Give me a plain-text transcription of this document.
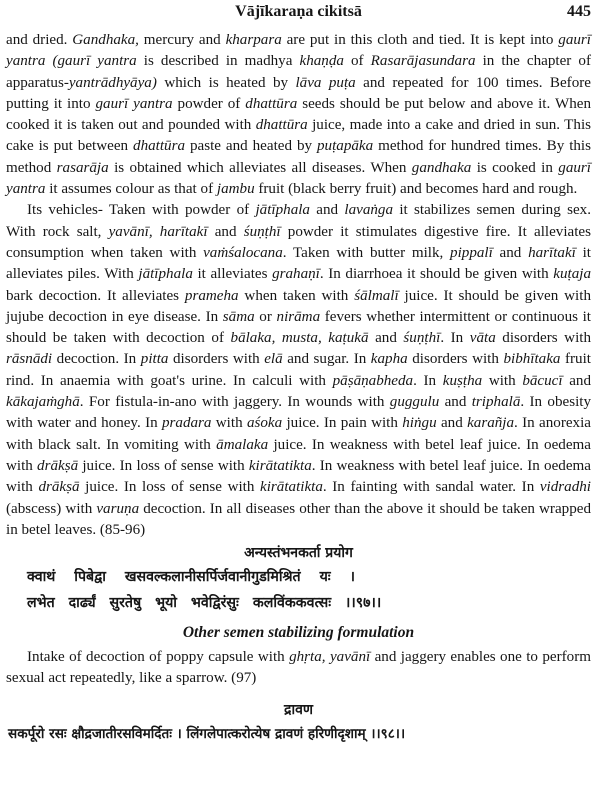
Vājīkaraṇa cikitsā	445

and dried. Gandhaka, mercury and kharpara are put in this cloth and tied. It is kept into gaurī yantra (gaurī yantra is described in madhya khaṇḍa of Rasarājasundara in the chapter of apparatus-yantrādhyāya) which is heated by lāva puṭa and repeated for 100 times. Before putting it into gaurī yantra powder of dhattūra seeds should be put below and above it. When cooked it is taken out and pounded with dhattūra juice, made into a cake and dried in sun. This cake is put between dhattūra paste and heated by puṭapāka method for hundred times. By this method rasarāja is obtained which alleviates all diseases. When gandhaka is cooked in gaurī yantra it assumes colour as that of jambu fruit (black berry fruit) and becomes hard and rough.

Its vehicles- Taken with powder of jātīphala and lavaṅga it stabilizes semen during sex. With rock salt, yavānī, harītakī and śuṇṭhī powder it stimulates digestive fire. It alleviates consumption when taken with vaṁśalocana. Taken with butter milk, pippalī and harītakī it alleviates piles. With jātīphala it alleviates grahaṇī. In diarrhoea it should be given with kuṭaja bark decoction. It alleviates prameha when taken with śālmalī juice. It should be given with jujube decoction in eye disease. In sāma or nirāma fevers whether intermittent or continuous it should be taken with decoction of bālaka, musta, kaṭukā and śuṇṭhī. In vāta disorders with rāsnādi decoction. In pitta disorders with elā and sugar. In kapha disorders with bibhītaka fruit rind. In anaemia with goat's urine. In calculi with pāṣāṇabheda. In kuṣṭha with bācucī and kākajaṁghā. For fistula-in-ano with jaggery. In wounds with guggulu and triphalā. In obesity with water and honey. In pradara with aśoka juice. In pain with hiṅgu and karañja. In anorexia with black salt. In vomiting with āmalaka juice. In weakness with betel leaf juice. In oedema with drākṣā juice. In loss of sense with kirātatikta. In weakness with betel leaf juice. In oedema with drākṣā juice. In loss of sense with kirātatikta. In fainting with sandal water. In vidradhi (abscess) with varuṇa decoction. In all diseases other than the above it should be taken wrapped in betel leaves. (85-96)

अन्यस्तंभनकर्ता प्रयोग
क्वाथं पिबेद्वा खसवल्कलानीसर्पिर्जवानीगुडमिश्रितं यः ।
लभेत दार्ढ्यं सुरतेषु भूयो भवेद्विरंसुः कलविंककवत्सः ।।९७।।
Other semen stabilizing formulation

Intake of decoction of poppy capsule with ghṛta, yavānī and jaggery enables one to perform sexual act repeatedly, like a sparrow. (97)

द्रावण
सकर्पूरो रसः क्षौद्रजातीरसविमर्दितः । लिंगलेपात्करोत्येष द्रावणं हरिणीदृशाम् ।।९८।।
